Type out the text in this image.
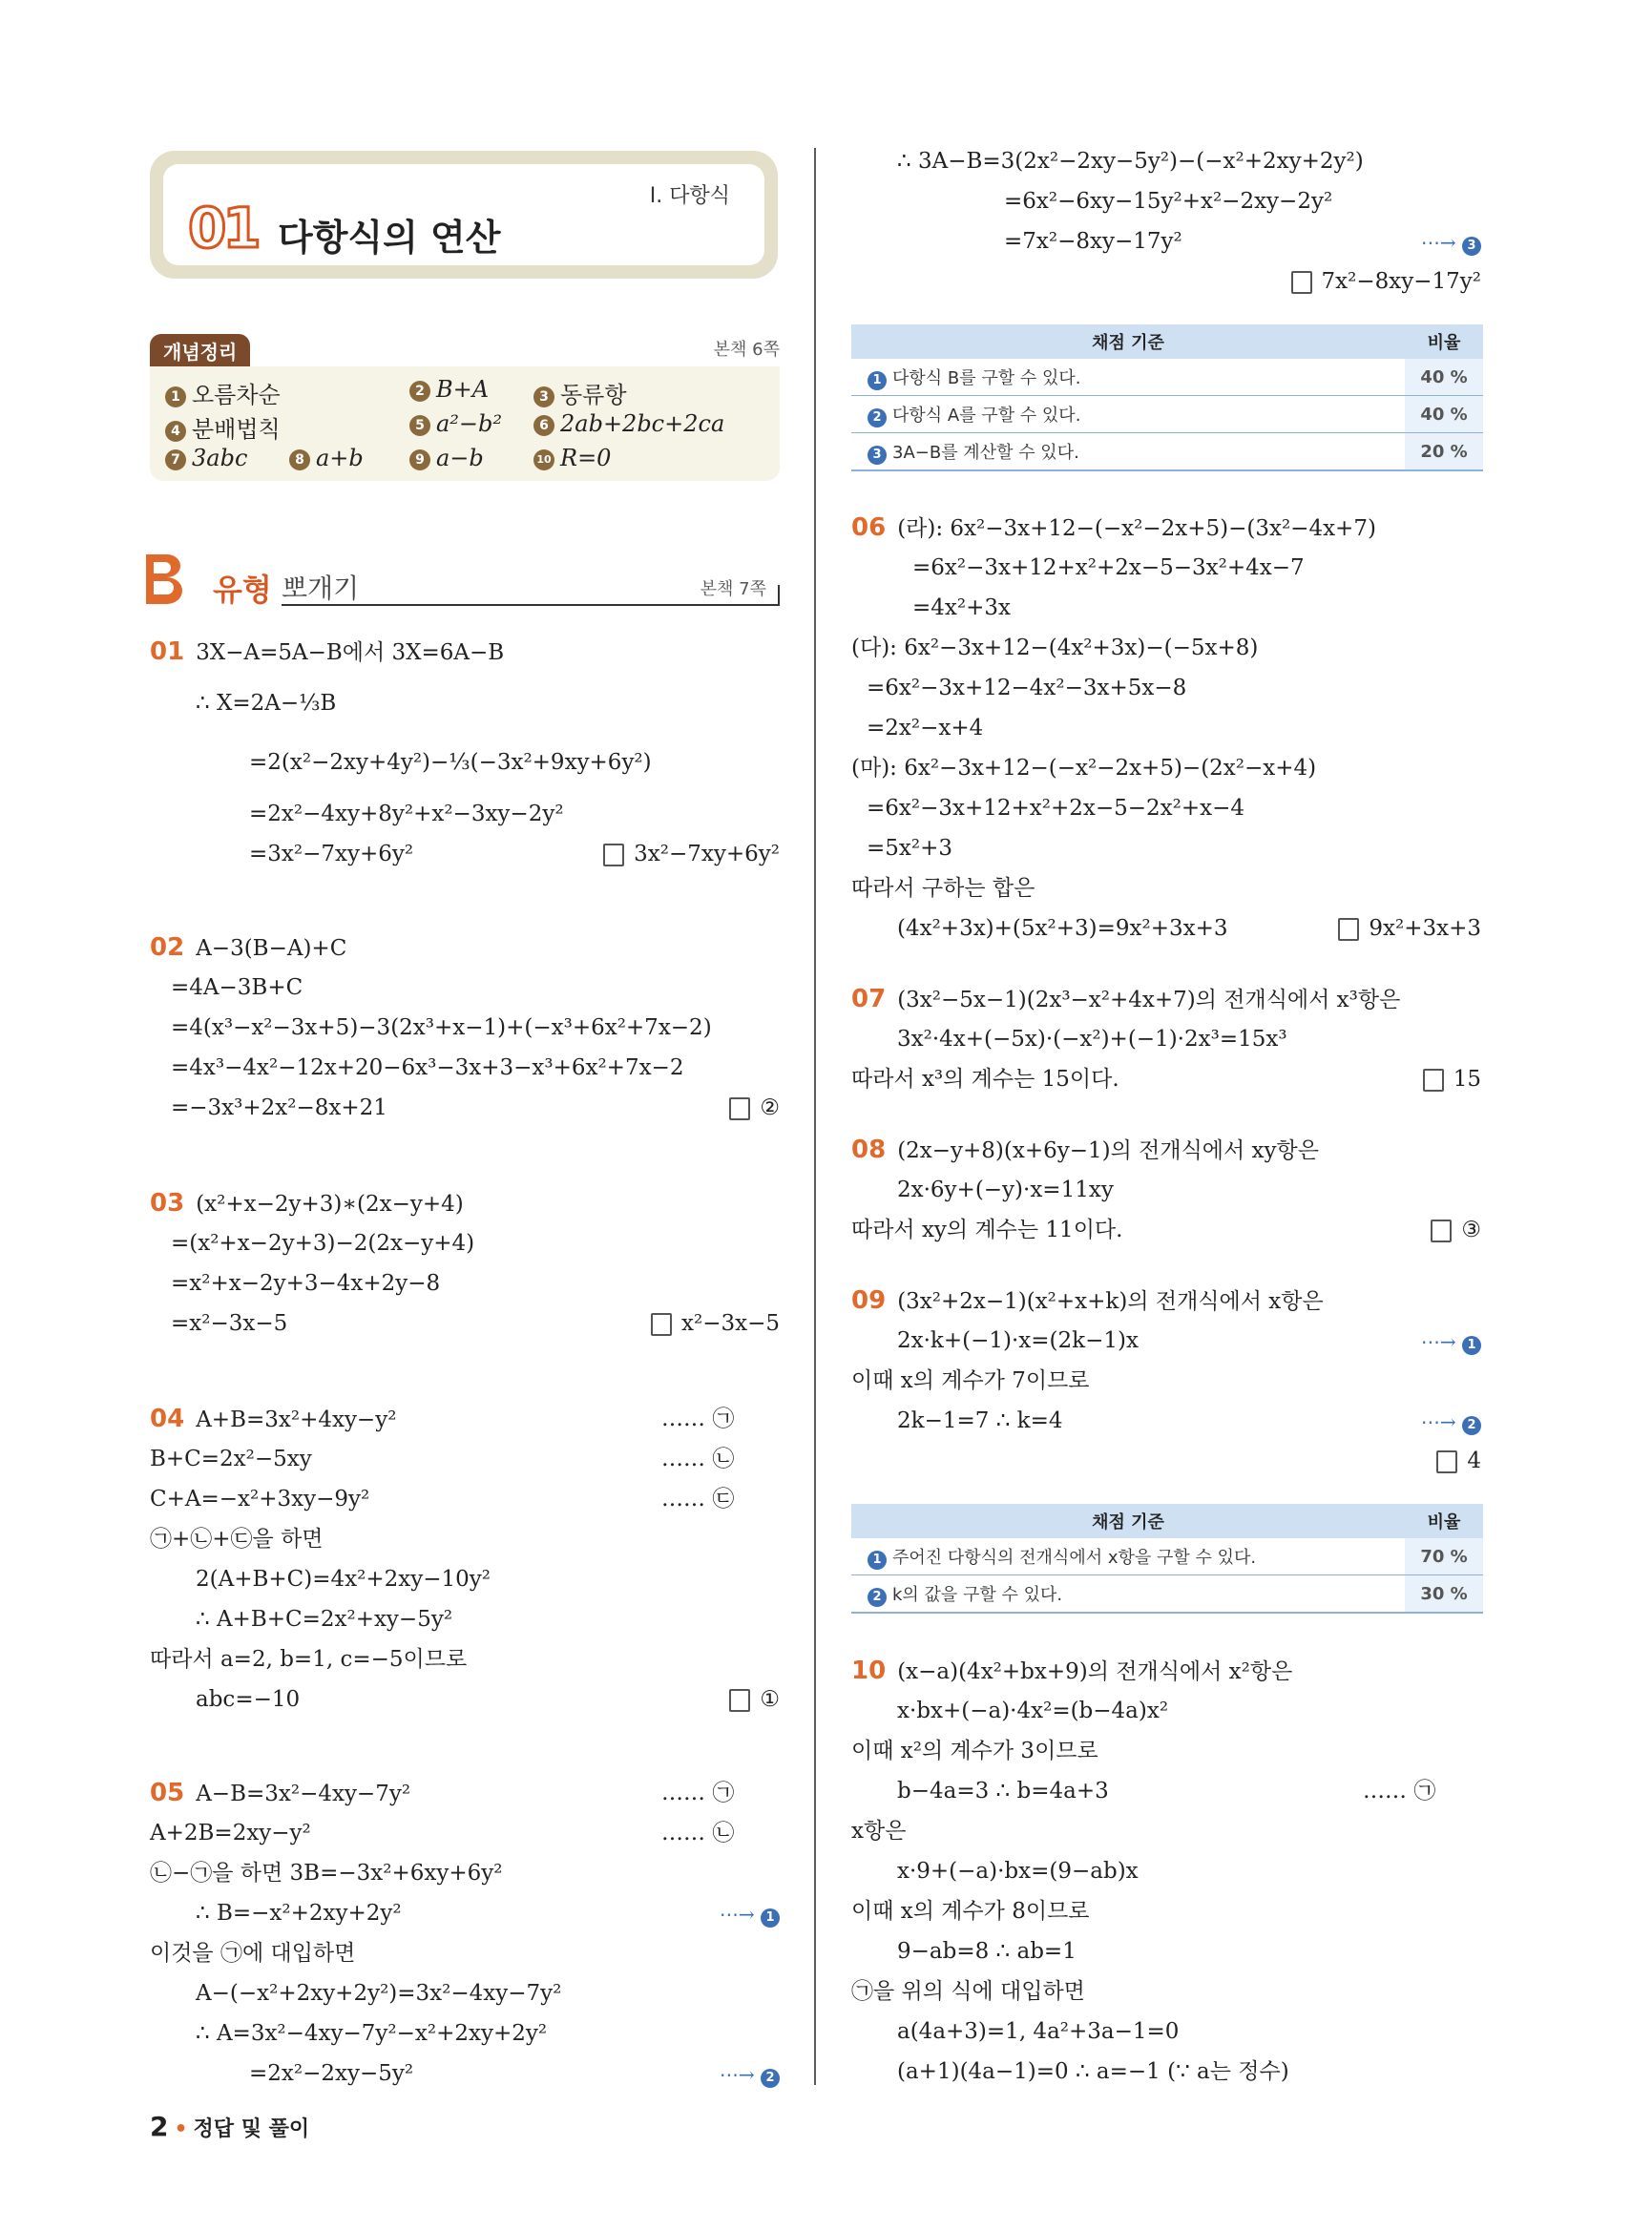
01 다항식의 연산
Ⅰ. 다항식
개념정리	본책 6쪽
1 오름차순	2 B+A	3 동류항
4 분배법칙	5 a²−b²	6 2ab+2bc+2ca
7 3abc	8 a+b	9 a−b	10 R=0
유형 뽀개기	본책 7쪽
01 3X−A=5A−B에서 3X=6A−B
∴ X=2A−⅓B
=2(x²−2xy+4y²)−⅓(−3x²+9xy+6y²)
=2x²−4xy+8y²+x²−3xy−2y²
=3x²−7xy+6y²	3x²−7xy+6y²
02 A−3(B−A)+C
=4A−3B+C
=4(x³−x²−3x+5)−3(2x³+x−1)+(−x³+6x²+7x−2)
=4x³−4x²−12x+20−6x³−3x+3−x³+6x²+7x−2
=−3x³+2x²−8x+21	②
03 (x²+x−2y+3)∗(2x−y+4)
=(x²+x−2y+3)−2(2x−y+4)
=x²+x−2y+3−4x+2y−8
=x²−3x−5	x²−3x−5
04 A+B=3x²+4xy−y²	…… ㉠
B+C=2x²−5xy	…… ㉡
C+A=−x²+3xy−9y²	…… ㉢
㉠+㉡+㉢을 하면
2(A+B+C)=4x²+2xy−10y²
∴ A+B+C=2x²+xy−5y²
따라서 a=2, b=1, c=−5이므로
abc=−10	①
05 A−B=3x²−4xy−7y²	…… ㉠
A+2B=2xy−y²	…… ㉡
㉡−㉠을 하면 3B=−3x²+6xy+6y²
∴ B=−x²+2xy+2y²	⋯→ 1
이것을 ㉠에 대입하면
A−(−x²+2xy+2y²)=3x²−4xy−7y²
∴ A=3x²−4xy−7y²−x²+2xy+2y²
=2x²−2xy−5y²	⋯→ 2
∴ 3A−B=3(2x²−2xy−5y²)−(−x²+2xy+2y²)
=6x²−6xy−15y²+x²−2xy−2y²
=7x²−8xy−17y²	⋯→ 3
7x²−8xy−17y²
채점 기준	비율
1 다항식 B를 구할 수 있다.	40 %
2 다항식 A를 구할 수 있다.	40 %
3 3A−B를 계산할 수 있다.	20 %
06 (라): 6x²−3x+12−(−x²−2x+5)−(3x²−4x+7)
=6x²−3x+12+x²+2x−5−3x²+4x−7
=4x²+3x
(다): 6x²−3x+12−(4x²+3x)−(−5x+8)
=6x²−3x+12−4x²−3x+5x−8
=2x²−x+4
(마): 6x²−3x+12−(−x²−2x+5)−(2x²−x+4)
=6x²−3x+12+x²+2x−5−2x²+x−4
=5x²+3
따라서 구하는 합은
(4x²+3x)+(5x²+3)=9x²+3x+3	9x²+3x+3
07 (3x²−5x−1)(2x³−x²+4x+7)의 전개식에서 x³항은
3x²·4x+(−5x)·(−x²)+(−1)·2x³=15x³
따라서 x³의 계수는 15이다.	15
08 (2x−y+8)(x+6y−1)의 전개식에서 xy항은
2x·6y+(−y)·x=11xy
따라서 xy의 계수는 11이다.	③
09 (3x²+2x−1)(x²+x+k)의 전개식에서 x항은
2x·k+(−1)·x=(2k−1)x	⋯→ 1
이때 x의 계수가 7이므로
2k−1=7 ∴ k=4	⋯→ 2
4
채점 기준	비율
1 주어진 다항식의 전개식에서 x항을 구할 수 있다.	70 %
2 k의 값을 구할 수 있다.	30 %
10 (x−a)(4x²+bx+9)의 전개식에서 x²항은
x·bx+(−a)·4x²=(b−4a)x²
이때 x²의 계수가 3이므로
b−4a=3 ∴ b=4a+3	…… ㉠
x항은
x·9+(−a)·bx=(9−ab)x
이때 x의 계수가 8이므로
9−ab=8 ∴ ab=1
㉠을 위의 식에 대입하면
a(4a+3)=1, 4a²+3a−1=0
(a+1)(4a−1)=0 ∴ a=−1 (∵ a는 정수)
2 • 정답 및 풀이
